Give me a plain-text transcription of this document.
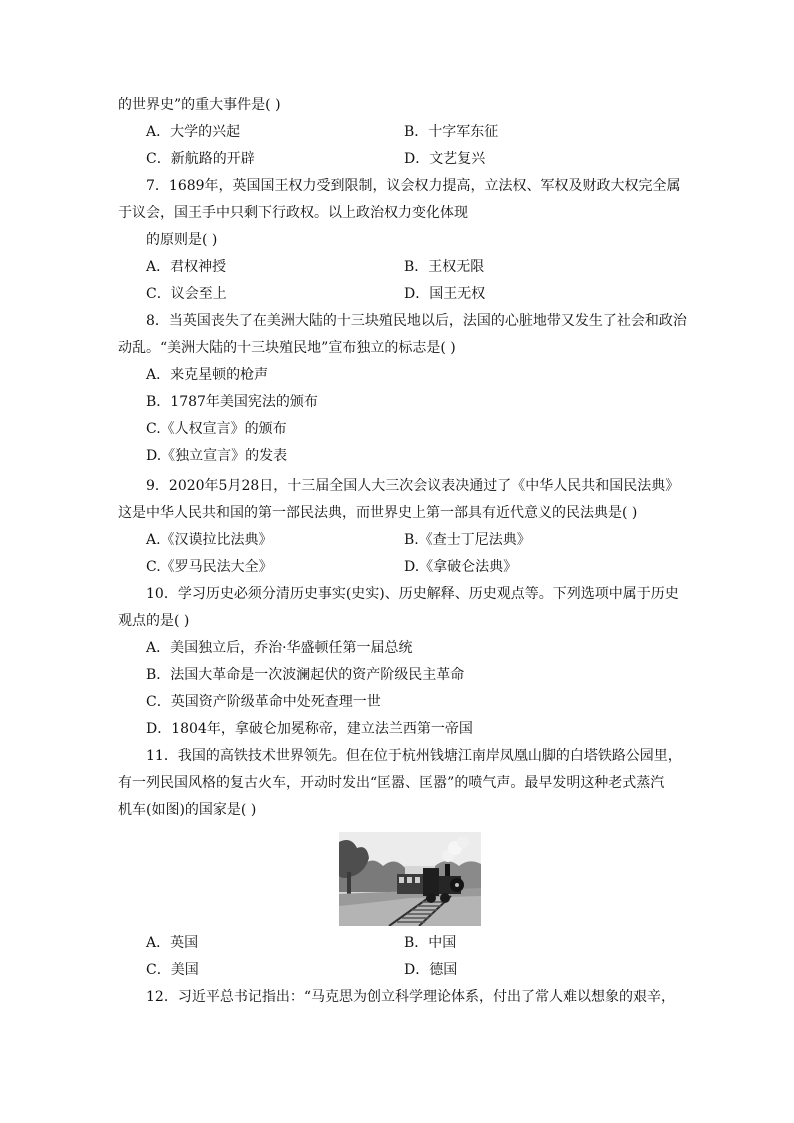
的世界史”的重大事件是( )
A．大学的兴起	B．十字军东征
C．新航路的开辟	D．文艺复兴
7．1689年，英国国王权力受到限制，议会权力提高，立法权、军权及财政大权完全属
于议会，国王手中只剩下行政权。以上政治权力变化体现
的原则是( )
A．君权神授	B．王权无限
C．议会至上	D．国王无权
8．当英国丧失了在美洲大陆的十三块殖民地以后，法国的心脏地带又发生了社会和政治
动乱。“美洲大陆的十三块殖民地”宣布独立的标志是( )
A．来克星顿的枪声
B．1787年美国宪法的颁布
C.《人权宣言》的颁布
D.《独立宣言》的发表
9．2020年5月28日，十三届全国人大三次会议表决通过了《中华人民共和国民法典》
这是中华人民共和国的第一部民法典，而世界史上第一部具有近代意义的民法典是( )
A.《汉谟拉比法典》	B.《查士丁尼法典》
C.《罗马民法大全》	D.《拿破仑法典》
10．学习历史必须分清历史事实(史实)、历史解释、历史观点等。下列选项中属于历史
观点的是( )
A．美国独立后，乔治·华盛顿任第一届总统
B．法国大革命是一次波澜起伏的资产阶级民主革命
C．英国资产阶级革命中处死查理一世
D．1804年，拿破仑加冕称帝，建立法兰西第一帝国
11．我国的高铁技术世界领先。但在位于杭州钱塘江南岸凤凰山脚的白塔铁路公园里，
有一列民国风格的复古火车，开动时发出“匡嚣、匡嚣”的喷气声。最早发明这种老式蒸汽
机车(如图)的国家是( )
A．英国	B．中国
C．美国	D．德国
12．习近平总书记指出：“马克思为创立科学理论体系，付出了常人难以想象的艰辛，
